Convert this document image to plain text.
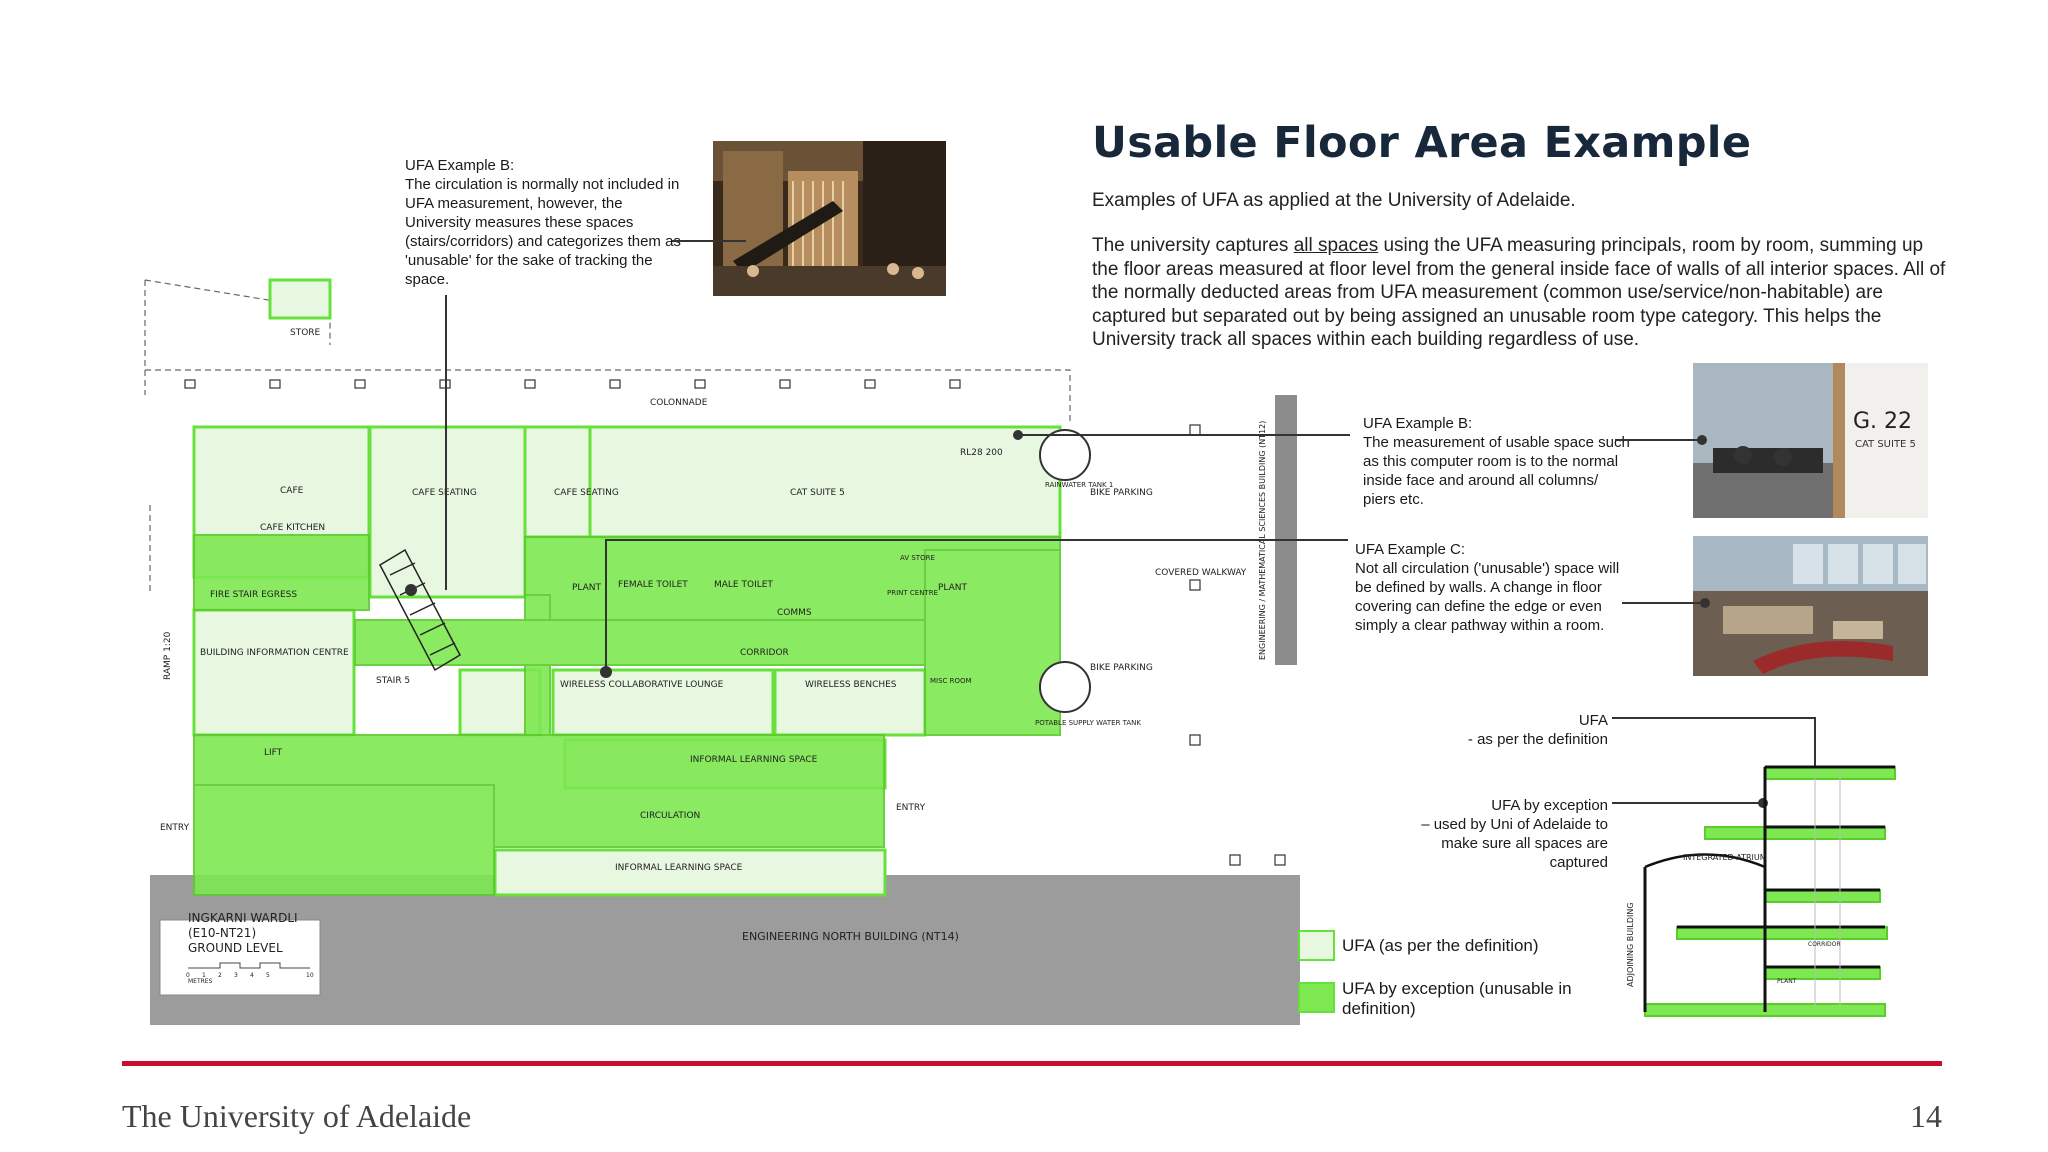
Usable Floor Area Example
Examples of UFA as applied at the University of Adelaide.
The university captures all spaces using the UFA measuring principals, room by room, summing up the floor areas measured at floor level from the general inside face of walls of all interior spaces. All of the normally deducted areas from UFA measurement (common use/service/non-habitable) are captured but separated out by being assigned an unusable room type category. This helps the University track all spaces within each building regardless of use.
UFA Example B:
The circulation is normally not included in UFA measurement, however, the University measures these spaces (stairs/corridors) and categorizes them as 'unusable' for the sake of tracking the space.
UFA Example B:
The measurement of usable space such as this computer room is to the normal inside face and around all columns/ piers etc.
UFA Example C:
Not all circulation ('unusable') space will be defined by walls. A change in floor covering can define the edge or even simply a clear pathway within a room.
UFA
- as per the definition
UFA by exception
– used by Uni of Adelaide to make sure all spaces are captured
G. 22
CAT SUITE 5
STORE
COLONNADE
CAFE
CAFE KITCHEN
CAFE SEATING	CAFE SEATING	CAT SUITE 5
RL28 200
RAINWATER TANK 1
BIKE PARKING
COVERED WALKWAY
BIKE PARKING
POTABLE SUPPLY WATER TANK
BUILDING INFORMATION CENTRE
RAMP 1:20
STAIR 5	WIRELESS COLLABORATIVE LOUNGE	WIRELESS BENCHES
CORRIDOR
INFORMAL LEARNING SPACE
CIRCULATION
INFORMAL LEARNING SPACE
ENTRY
ENTRY
LIFT
PLANT	PLANT
FEMALE TOILET	MALE TOILET
COMMS
PRINT CENTRE
AV STORE
FIRE STAIR EGRESS
MISC ROOM
ENGINEERING / MATHEMATICAL SCIENCES BUILDING (NT12)
ENGINEERING NORTH BUILDING (NT14)
INGKARNI WARDLI
(E10-NT21)
GROUND LEVEL
METRES
0 1 2 3 4 5	10
INTEGRATED ATRIUM
ADJOINING BUILDING	CORRIDOR
PLANT
UFA (as per the definition)
UFA by exception (unusable in definition)
The University of Adelaide	14
